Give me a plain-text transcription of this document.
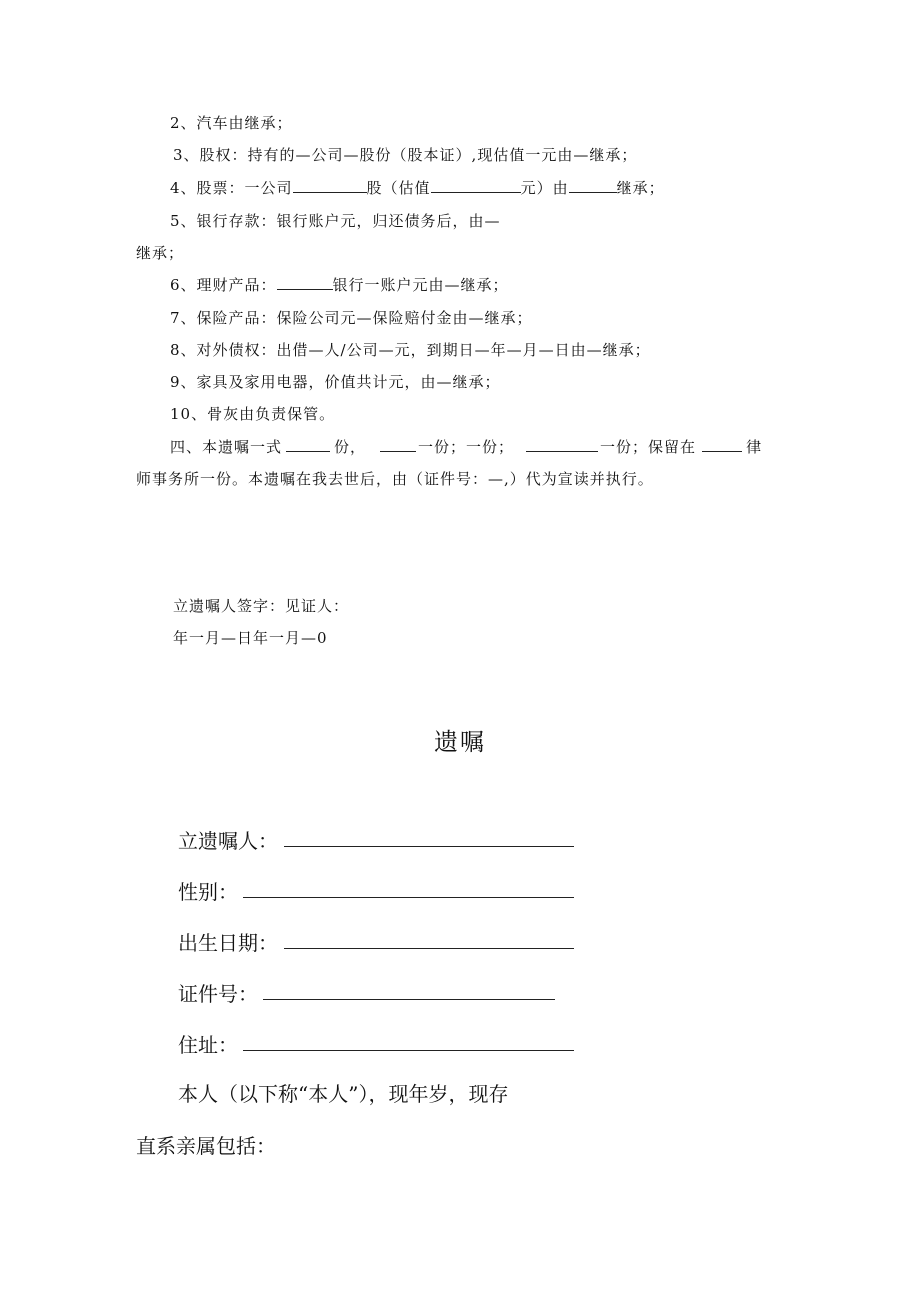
2、汽车由继承；
3、股权：持有的—公司—股份（股本证）,现估值一元由—继承；
4、股票：一公司	股（估值	元）由	继承；
5、银行存款：银行账户元，归还债务后，由—
继承；
6、理财产品：	银行一账户元由—继承；
7、保险产品：保险公司元—保险赔付金由—继承；
8、对外债权：出借—人/公司—元，到期日—年—月—日由—继承；
9、家具及家用电器，价值共计元，由—继承；
10、骨灰由负责保管。
四、本遗嘱一式	份，	一份；一份；	一份；保留在	律
师事务所一份。本遗嘱在我去世后，由（证件号：—,）代为宣读并执行。
立遗嘱人签字：见证人：
年一月—日年一月—0
遗嘱
立遗嘱人：
性别：
出生日期：
证件号：
住址：
本人（以下称“本人”），现年岁，现存
直系亲属包括：
